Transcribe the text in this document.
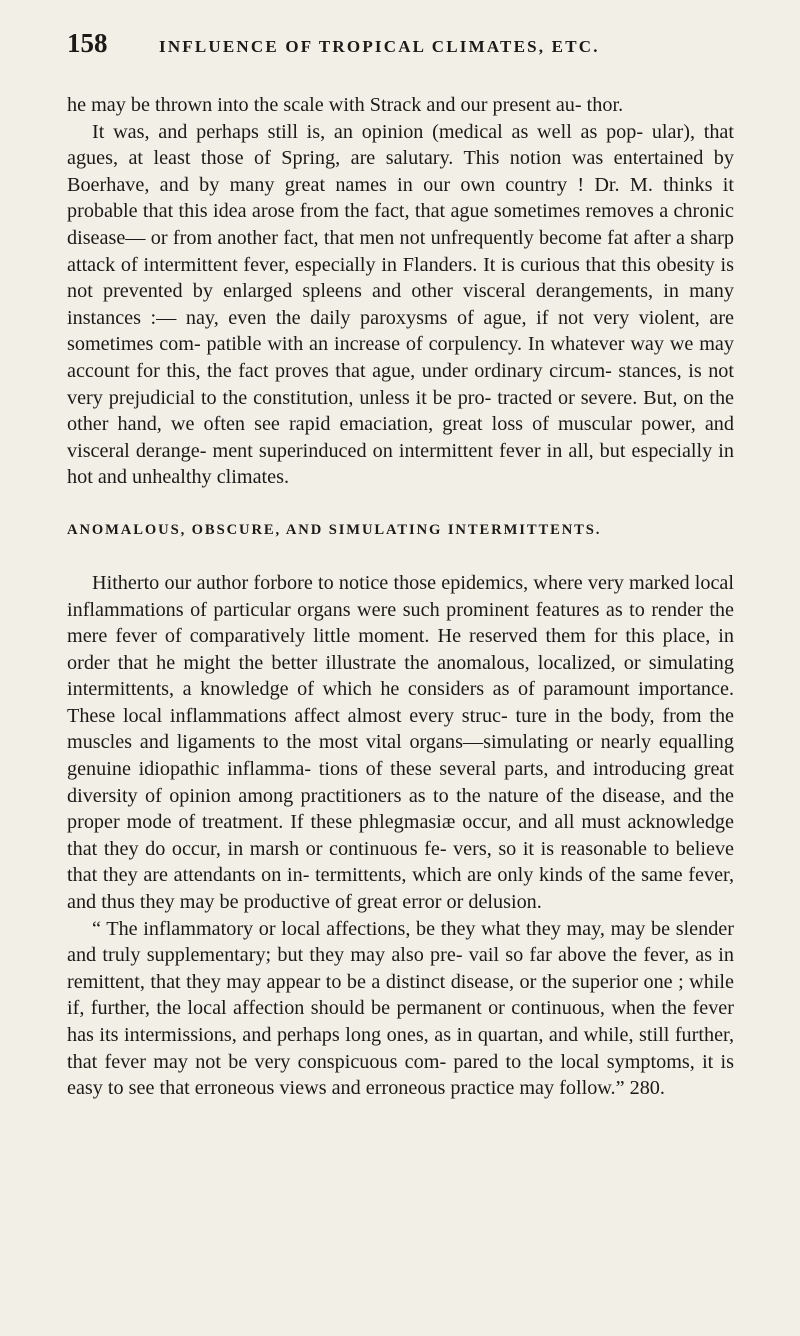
158	INFLUENCE OF TROPICAL CLIMATES, ETC.

he may be thrown into the scale with Strack and our present au- thor.

It was, and perhaps still is, an opinion (medical as well as pop- ular), that agues, at least those of Spring, are salutary. This notion was entertained by Boerhave, and by many great names in our own country ! Dr. M. thinks it probable that this idea arose from the fact, that ague sometimes removes a chronic disease— or from another fact, that men not unfrequently become fat after a sharp attack of intermittent fever, especially in Flanders. It is curious that this obesity is not prevented by enlarged spleens and other visceral derangements, in many instances :— nay, even the daily paroxysms of ague, if not very violent, are sometimes com- patible with an increase of corpulency. In whatever way we may account for this, the fact proves that ague, under ordinary circum- stances, is not very prejudicial to the constitution, unless it be pro- tracted or severe. But, on the other hand, we often see rapid emaciation, great loss of muscular power, and visceral derange- ment superinduced on intermittent fever in all, but especially in hot and unhealthy climates.

ANOMALOUS, OBSCURE, AND SIMULATING INTERMITTENTS.

Hitherto our author forbore to notice those epidemics, where very marked local inflammations of particular organs were such prominent features as to render the mere fever of comparatively little moment. He reserved them for this place, in order that he might the better illustrate the anomalous, localized, or simulating intermittents, a knowledge of which he considers as of paramount importance. These local inflammations affect almost every struc- ture in the body, from the muscles and ligaments to the most vital organs—simulating or nearly equalling genuine idiopathic inflamma- tions of these several parts, and introducing great diversity of opinion among practitioners as to the nature of the disease, and the proper mode of treatment. If these phlegmasiæ occur, and all must acknowledge that they do occur, in marsh or continuous fe- vers, so it is reasonable to believe that they are attendants on in- termittents, which are only kinds of the same fever, and thus they may be productive of great error or delusion.

“ The inflammatory or local affections, be they what they may, may be slender and truly supplementary; but they may also pre- vail so far above the fever, as in remittent, that they may appear to be a distinct disease, or the superior one ; while if, further, the local affection should be permanent or continuous, when the fever has its intermissions, and perhaps long ones, as in quartan, and while, still further, that fever may not be very conspicuous com- pared to the local symptoms, it is easy to see that erroneous views and erroneous practice may follow.” 280.
